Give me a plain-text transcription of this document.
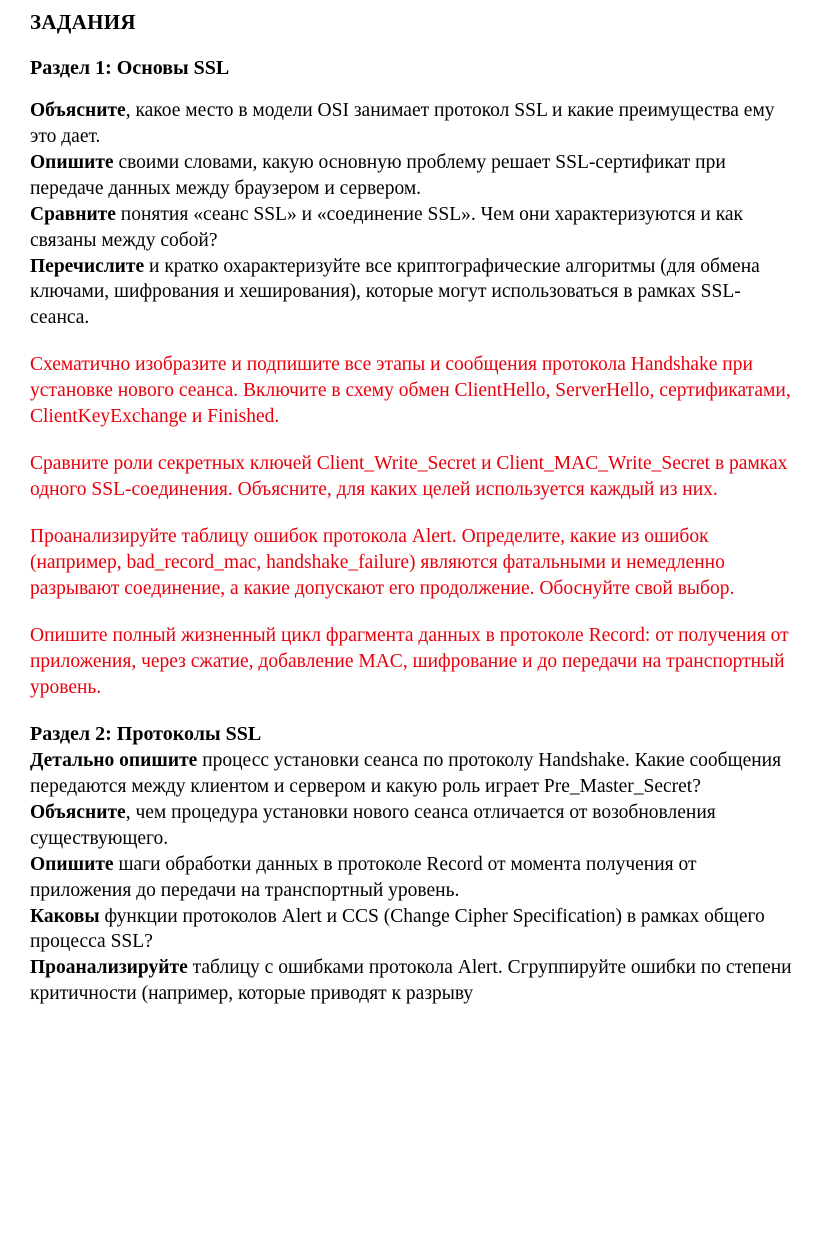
ЗАДАНИЯ
Раздел 1: Основы SSL

Объясните, какое место в модели OSI занимает протокол SSL и какие преимущества ему это дает.

Опишите своими словами, какую основную проблему решает SSL-сертификат при передаче данных между браузером и сервером.

Сравните понятия «сеанс SSL» и «соединение SSL». Чем они характеризуются и как связаны между собой?

Перечислите и кратко охарактеризуйте все криптографические алгоритмы (для обмена ключами, шифрования и хеширования), которые могут использоваться в рамках SSL-сеанса.

Схематично изобразите и подпишите все этапы и сообщения протокола Handshake при установке нового сеанса. Включите в схему обмен ClientHello, ServerHello, сертификатами, ClientKeyExchange и Finished.

Сравните роли секретных ключей Client_Write_Secret и Client_MAC_Write_Secret в рамках одного SSL-соединения. Объясните, для каких целей используется каждый из них.

Проанализируйте таблицу ошибок протокола Alert. Определите, какие из ошибок (например, bad_record_mac, handshake_failure) являются фатальными и немедленно разрывают соединение, а какие допускают его продолжение. Обоснуйте свой выбор.

Опишите полный жизненный цикл фрагмента данных в протоколе Record: от получения от приложения, через сжатие, добавление MAC, шифрование и до передачи на транспортный уровень.

Раздел 2: Протоколы SSL

Детально опишите процесс установки сеанса по протоколу Handshake. Какие сообщения передаются между клиентом и сервером и какую роль играет Pre_Master_Secret?

Объясните, чем процедура установки нового сеанса отличается от возобновления существующего.

Опишите шаги обработки данных в протоколе Record от момента получения от приложения до передачи на транспортный уровень.

Каковы функции протоколов Alert и CCS (Change Cipher Specification) в рамках общего процесса SSL?

Проанализируйте таблицу с ошибками протокола Alert. Сгруппируйте ошибки по степени критичности (например, которые приводят к разрыву
